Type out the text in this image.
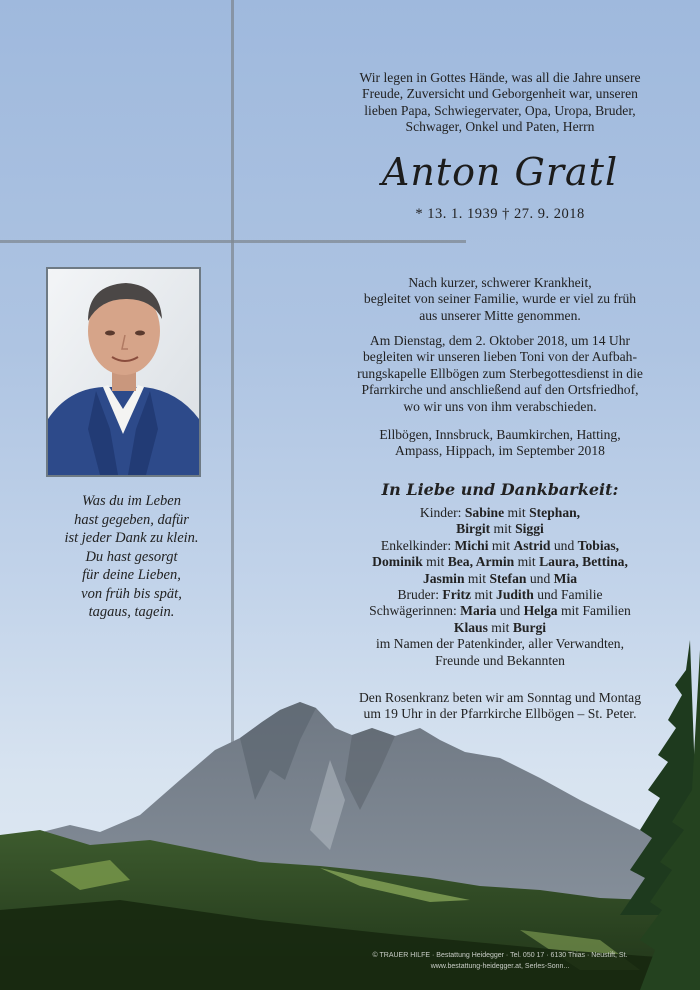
Was du im Leben
hast gegeben, dafür
ist jeder Dank zu klein.
Du hast gesorgt
für deine Lieben,
von früh bis spät,
tagaus, tagein.
Wir legen in Gottes Hände, was all die Jahre unsere
Freude, Zuversicht und Geborgenheit war, unseren
lieben Papa, Schwiegervater, Opa, Uropa, Bruder,
Schwager, Onkel und Paten, Herrn
Anton Gratl
* 13. 1. 1939 † 27. 9. 2018
Nach kurzer, schwerer Krankheit,
begleitet von seiner Familie, wurde er viel zu früh
aus unserer Mitte genommen.
Am Dienstag, dem 2. Oktober 2018, um 14 Uhr
begleiten wir unseren lieben Toni von der Aufbah-
rungskapelle Ellbögen zum Sterbegottesdienst in die
Pfarrkirche und anschließend auf den Ortsfriedhof,
wo wir uns von ihm verabschieden.
Ellbögen, Innsbruck, Baumkirchen, Hatting,
Ampass, Hippach, im September 2018
In Liebe und Dankbarkeit:
Kinder: Sabine mit Stephan,
Birgit mit Siggi
Enkelkinder: Michi mit Astrid und Tobias,
Dominik mit Bea, Armin mit Laura, Bettina,
Jasmin mit Stefan und Mia
Bruder: Fritz mit Judith und Familie
Schwägerinnen: Maria und Helga mit Familien
Klaus mit Burgi
im Namen der Patenkinder, aller Verwandten,
Freunde und Bekannten
Den Rosenkranz beten wir am Sonntag und Montag
um 19 Uhr in der Pfarrkirche Ellbögen – St. Peter.
© TRAUER HILFE · Bestattung Heidegger · Tel. 050 17 · 6130 Thias · Neustift, St.
www.bestattung-heidegger.at, Serles-Sonn...
